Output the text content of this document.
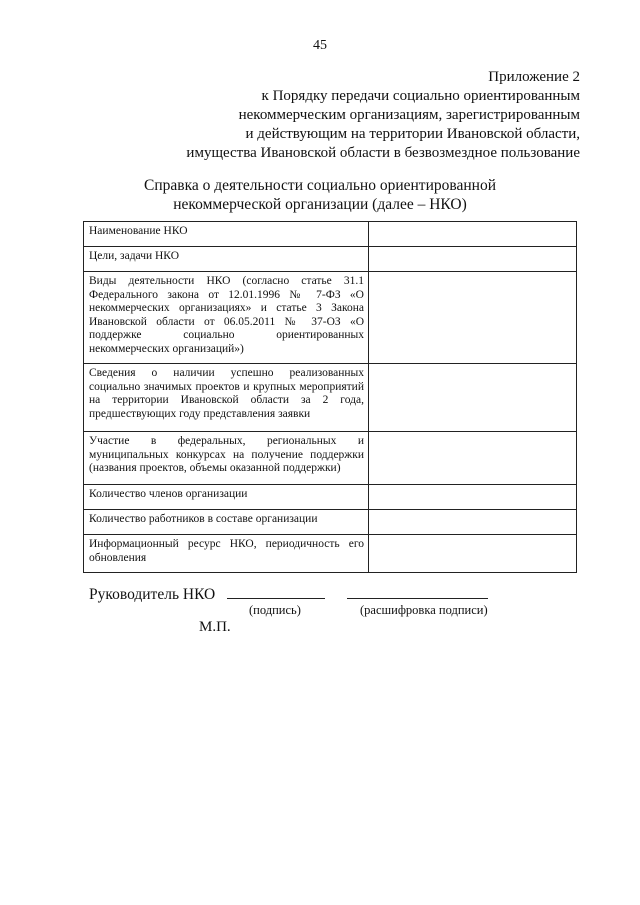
45
Приложение 2
к Порядку передачи социально ориентированным
некоммерческим организациям, зарегистрированным
и действующим на территории Ивановской области,
имущества Ивановской области в безвозмездное пользование
Справка о деятельности социально ориентированной
некоммерческой организации (далее – НКО)
Наименование НКО	
Цели, задачи НКО	
Виды деятельности НКО (согласно статье 31.1 Федерального закона от 12.01.1996 № 7-ФЗ «О некоммерческих организациях» и статье 3 Закона Ивановской области от 06.05.2011 № 37-ОЗ «О поддержке социально ориентированных некоммерческих организаций»)	
Сведения о наличии успешно реализованных социально значимых проектов и крупных мероприятий на территории Ивановской области за 2 года, предшествующих году представления заявки	
Участие в федеральных, региональных и муниципальных конкурсах на получение поддержки (названия проектов, объемы оказанной поддержки)	
Количество членов организации	
Количество работников в составе организации	
Информационный ресурс НКО, периодичность его обновления	
Руководитель НКО
(подпись)	(расшифровка подписи)
М.П.
